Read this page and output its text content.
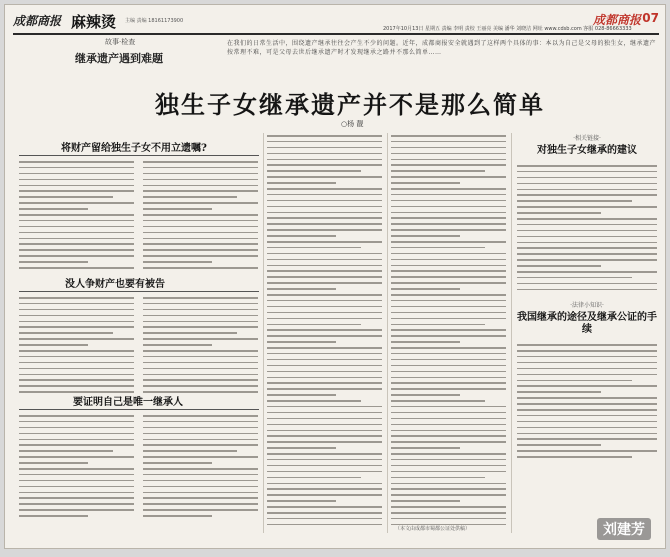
成都商报 麻辣烫 主编 责编 18161173900
2017年10月13日 星期五 责编 李明 责校 王丽亮 美编 潘华 刘晓洁 网址 www.cdsb.com 客服 028-86663333
成都商报 07
故事·检查
继承遗产遇到难题
在我们的日常生活中，围绕遗产继承往往会产生不少的问题。近年，成都商报安全就遇到了这样两个具体的事：本以为自己是父母的独生女，继承遗产按常理不难，可是父母去世后继承遗产时才发现继承之路并不那么简单……
独生子女继承遗产并不是那么简单
○杨 靓
将财产留给独生子女不用立遗嘱?
没人争财产也要有被告
要证明自己是唯一继承人
·相关链接·
对独生子女继承的建议
·法律小知识·
我国继承的途径及继承公证的手续
（本文由成都市蜀都公证处供稿）	刘建芳
